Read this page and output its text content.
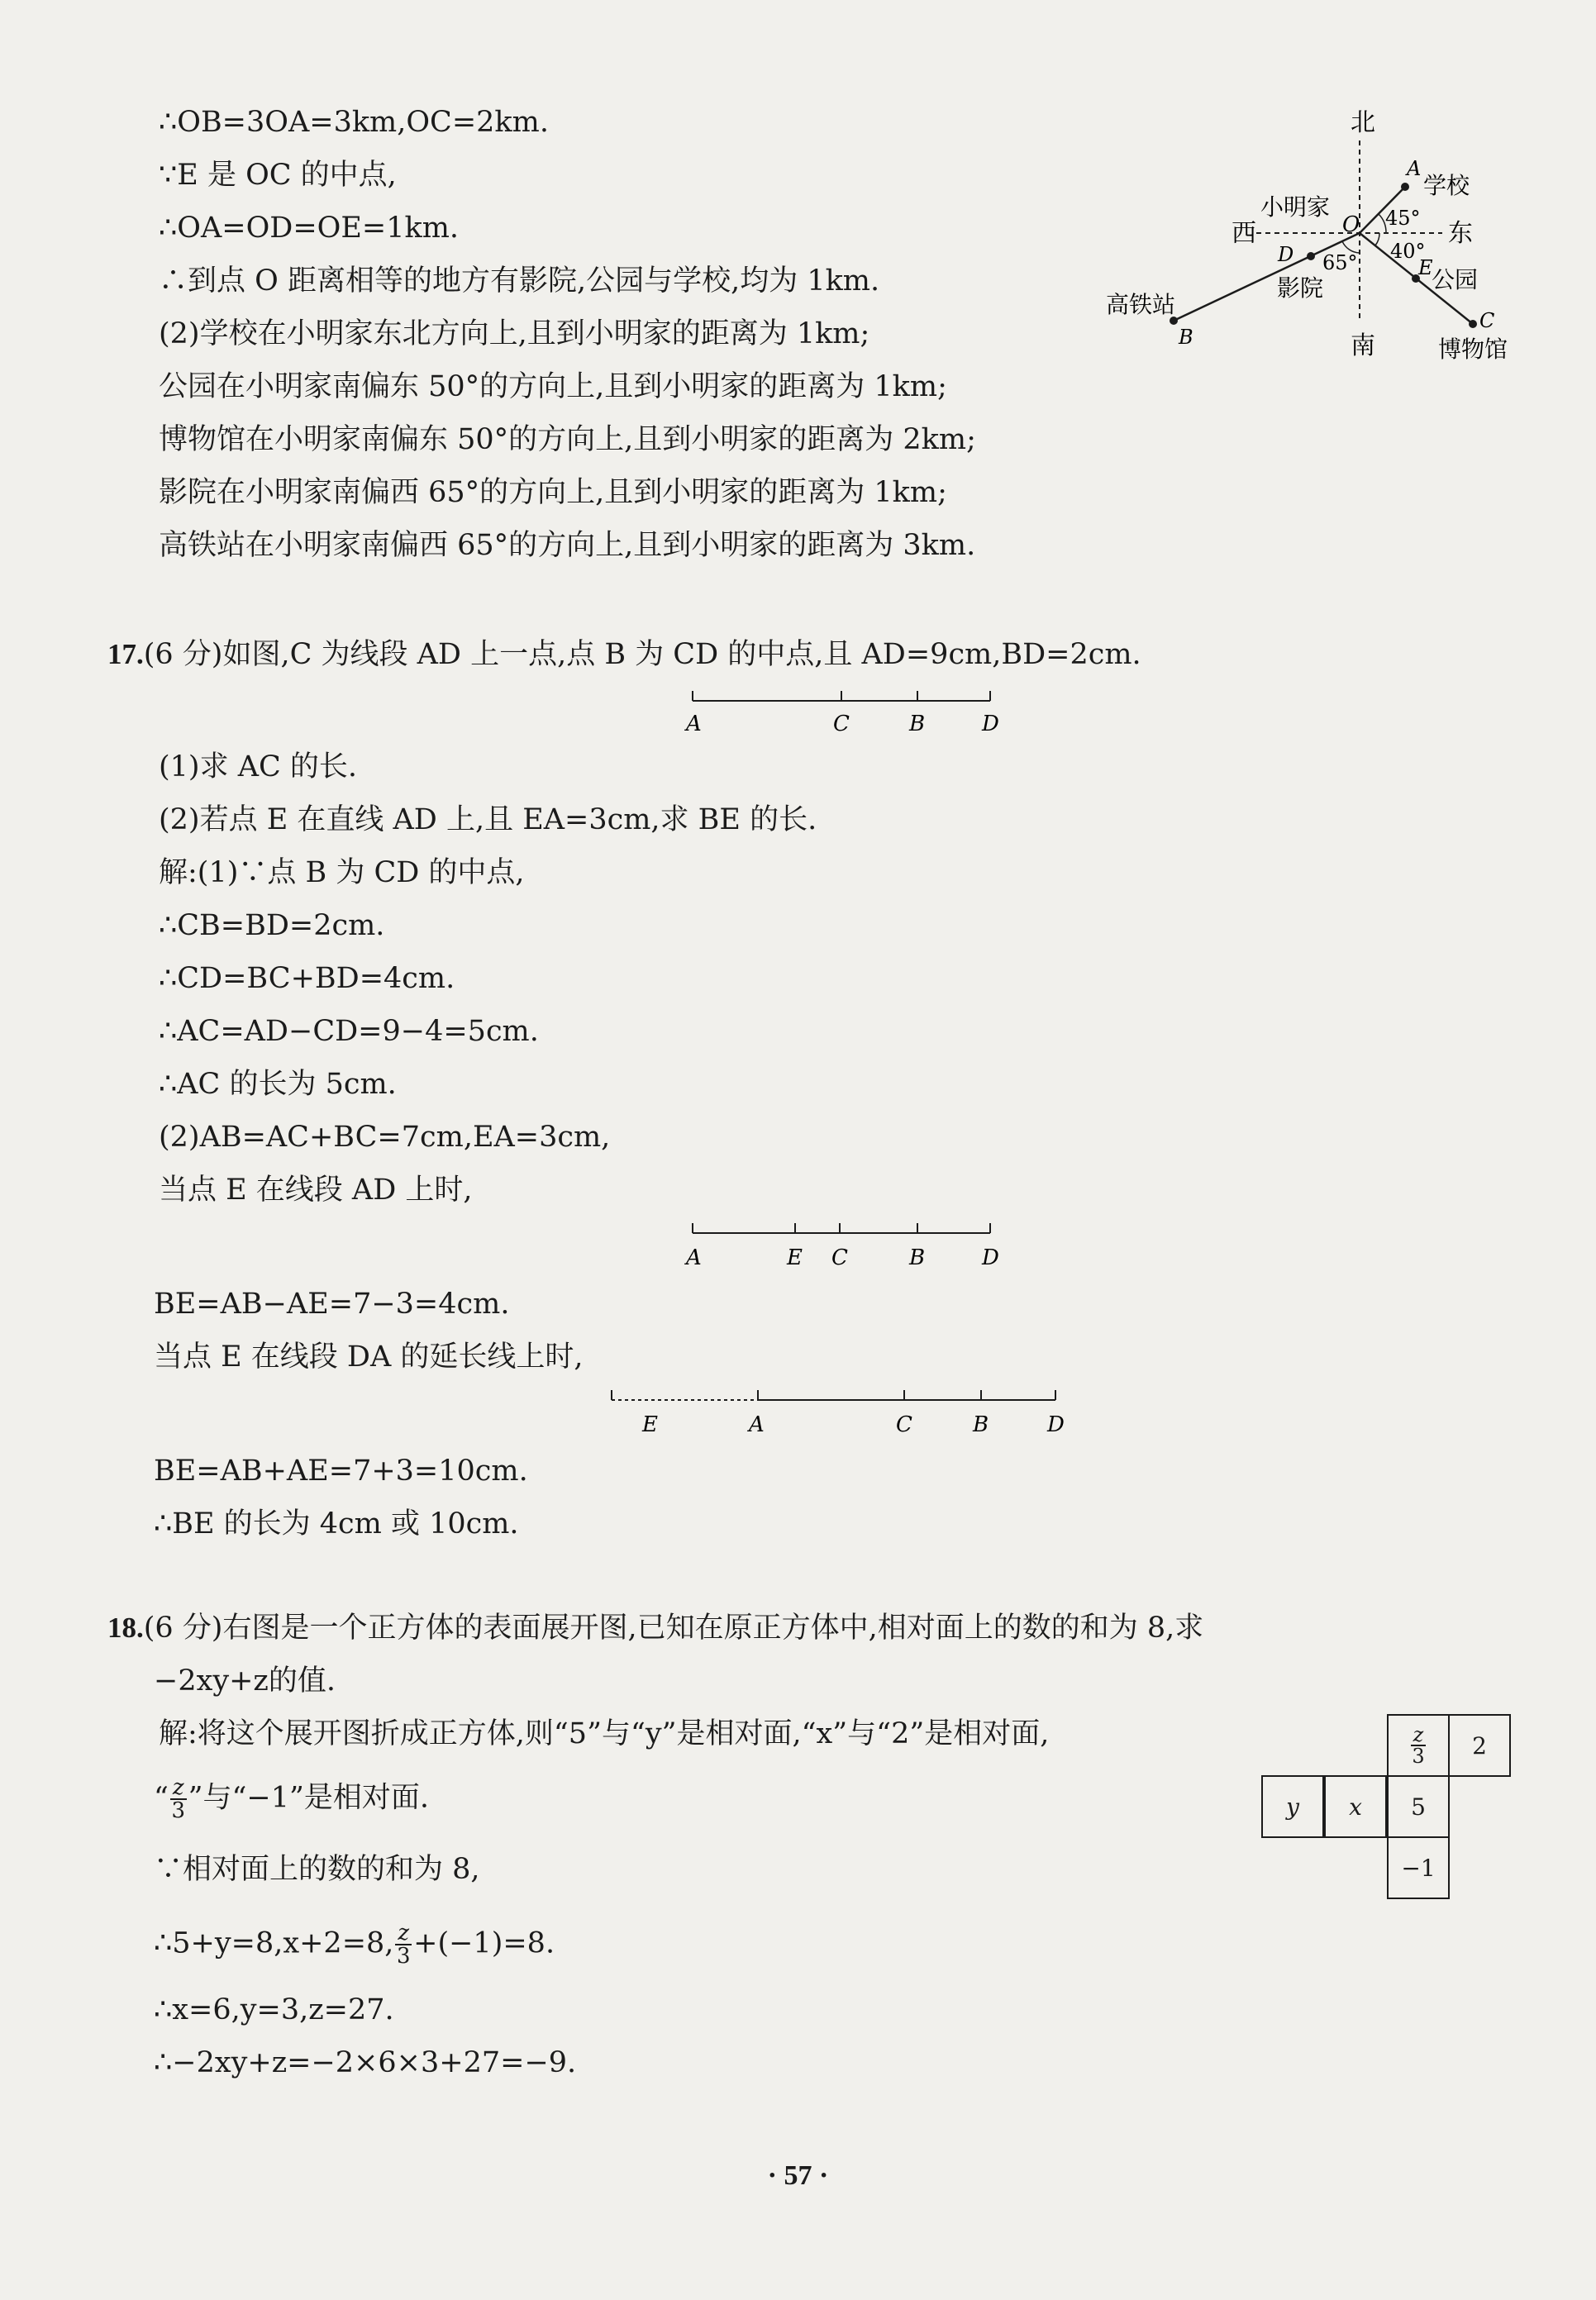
∴OB=3OA=3km,OC=2km.
∵E 是 OC 的中点,
∴OA=OD=OE=1km.
∴到点 O 距离相等的地方有影院,公园与学校,均为 1km.
(2)学校在小明家东北方向上,且到小明家的距离为 1km;
公园在小明家南偏东 50°的方向上,且到小明家的距离为 1km;
博物馆在小明家南偏东 50°的方向上,且到小明家的距离为 2km;
影院在小明家南偏西 65°的方向上,且到小明家的距离为 1km;
高铁站在小明家南偏西 65°的方向上,且到小明家的距离为 3km.
北
南
西	东
小明家
学校
公园
博物馆
影院
高铁站
O
A
B
C
D
E
45°
40°
65°
17.(6 分)如图,C 为线段 AD 上一点,点 B 为 CD 的中点,且 AD=9cm,BD=2cm.
A	C	B	D
(1)求 AC 的长.
(2)若点 E 在直线 AD 上,且 EA=3cm,求 BE 的长.
解:(1)∵点 B 为 CD 的中点,
∴CB=BD=2cm.
∴CD=BC+BD=4cm.
∴AC=AD−CD=9−4=5cm.
∴AC 的长为 5cm.
(2)AB=AC+BC=7cm,EA=3cm,
当点 E 在线段 AD 上时,
A	E C	B	D
BE=AB−AE=7−3=4cm.
当点 E 在线段 DA 的延长线上时,
E	A	C	B	D
BE=AB+AE=7+3=10cm.
∴BE 的长为 4cm 或 10cm.
18.(6 分)右图是一个正方体的表面展开图,已知在原正方体中,相对面上的数的和为 8,求
−2xy+z的值.
解:将这个展开图折成正方体,则“5”与“y”是相对面,“x”与“2”是相对面,
“ $\frac{z}{3}$ ”与“−1”是相对面.
∵相对面上的数的和为 8,
∴5+y=8,x+2=8, $\frac{z}{3} +(-1)=8$.
∴x=6,y=3,z=27.
∴−2xy+z=−2×6×3+27=−9.
$\frac{z}{3}$	2
y	x	5
−1
· 57 ·
